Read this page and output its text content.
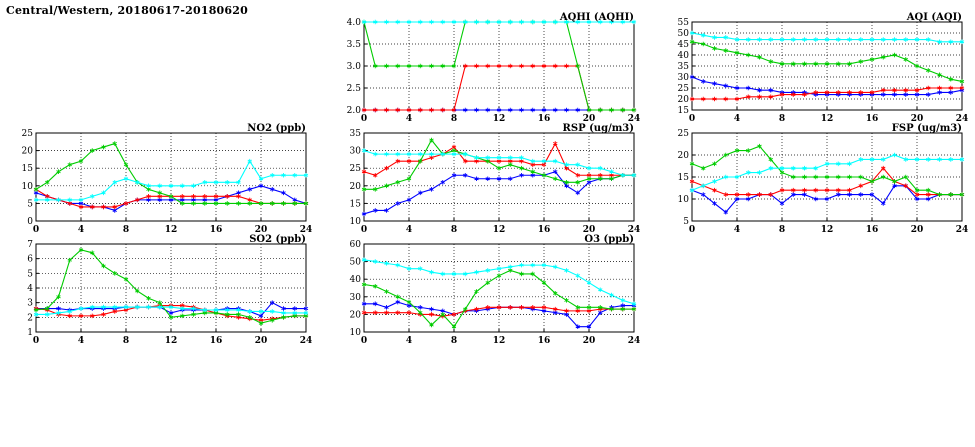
Central/Western, 20180617-20180620
2.0
2.5
3.0
3.5
4.0
0	4	8	12	16	20	24
AQHI (AQHI)
15
20
25
30
35
40
45
50
55
0	4	8	12	16	20	24
AQI (AQI)
0
5
10
15
20
25
0	4	8	12	16	20	24
NO2 (ppb)
10
15
20
25
30
35
0	4	8	12	16	20	24
RSP (ug/m3)
5
10
15
20
25
0	4	8	12	16	20	24
FSP (ug/m3)
1
2
3
4
5
6
7
0	4	8	12	16	20	24
SO2 (ppb)
10
20
30
40
50
60
0	4	8	12	16	20	24
O3 (ppb)
